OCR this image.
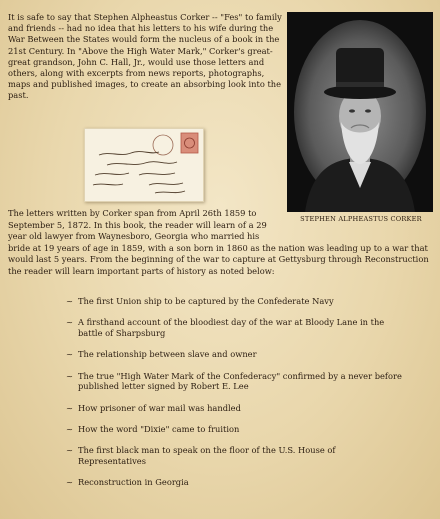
It is safe to say that Stephen Alpheastus Corker -- "Fes" to family and friends -- had no idea that his letters to his wife during the War Between the States would form the nucleus of a book in the 21st Century. In "Above the High Water Mark," Corker's great-great grandson, John C. Hall, Jr., would use those letters and others, along with excerpts from news reports, photographs, maps and published images, to create an absorbing look into the past.

STEPHEN ALPHEASTUS CORKER

The letters written by Corker span from April 26th 1859 to September 5, 1872. In this book, the reader will learn of a 29 year old lawyer from Waynesboro, Georgia who married his
bride at 19 years of age in 1859, with a son born in 1860 as the nation was leading up to a war that would last 5 years. From the beginning of the war to capture at Gettysburg through Reconstruction the reader will learn important parts of history as noted below:

~ The first Union ship to be captured by the Confederate Navy
~ A firsthand account of the bloodiest day of the war at Bloody Lane in the battle of Sharpsburg
~ The relationship between slave and owner
~ The true "High Water Mark of the Confederacy" confirmed by a never before published letter signed by Robert E. Lee
~ How prisoner of war mail was handled
~ How the word "Dixie" came to fruition
~ The first black man to speak on the floor of the U.S. House of Representatives
~ Reconstruction in Georgia
